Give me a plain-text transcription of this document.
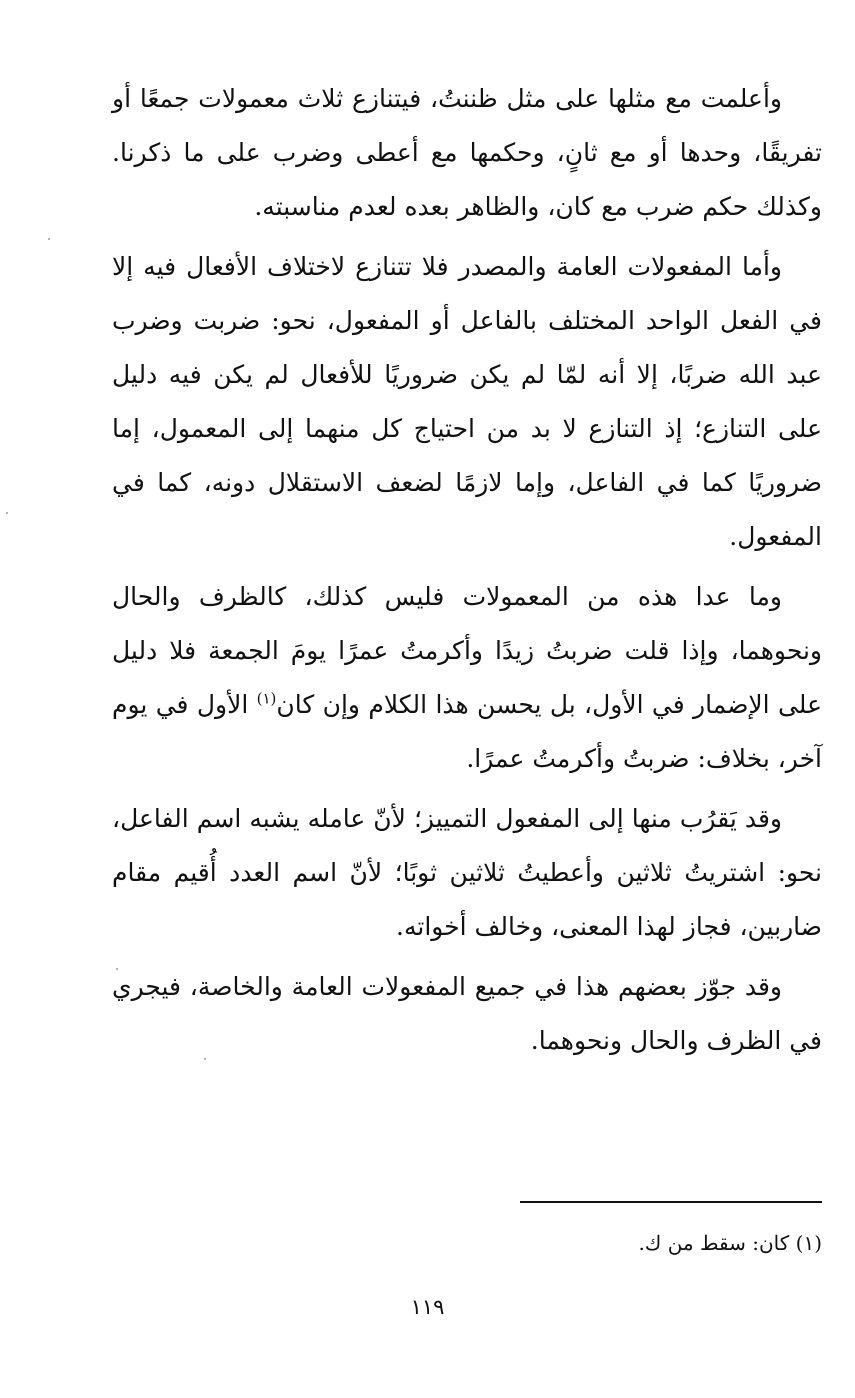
وأعلمت مع مثلها على مثل ظننتُ، فيتنازع ثلاث معمولات جمعًا أو تفريقًا، وحدها أو مع ثانٍ، وحكمها مع أعطى وضرب على ما ذكرنا. وكذلك حكم ضرب مع كان، والظاهر بعده لعدم مناسبته.

وأما المفعولات العامة والمصدر فلا تتنازع لاختلاف الأفعال فيه إلا في الفعل الواحد المختلف بالفاعل أو المفعول، نحو: ضربت وضرب عبد الله ضربًا، إلا أنه لمّا لم يكن ضروريًا للأفعال لم يكن فيه دليل على التنازع؛ إذ التنازع لا بد من احتياج كل منهما إلى المعمول، إما ضروريًا كما في الفاعل، وإما لازمًا لضعف الاستقلال دونه، كما في المفعول.

وما عدا هذه من المعمولات فليس كذلك، كالظرف والحال ونحوهما، وإذا قلت ضربتُ زيدًا وأكرمتُ عمرًا يومَ الجمعة فلا دليل على الإضمار في الأول، بل يحسن هذا الكلام وإن كان$^{(١)}$ الأول في يوم آخر، بخلاف: ضربتُ وأكرمتُ عمرًا.

وقد يَقرُب منها إلى المفعول التمييز؛ لأنّ عامله يشبه اسم الفاعل، نحو: اشتريتُ ثلاثين وأعطيتُ ثلاثين ثوبًا؛ لأنّ اسم العدد أُقيم مقام ضاربين، فجاز لهذا المعنى، وخالف أخواته.

وقد جوّز بعضهم هذا في جميع المفعولات العامة والخاصة، فيجري في الظرف والحال ونحوهما.

(١) كان: سقط من ك.
١١٩
